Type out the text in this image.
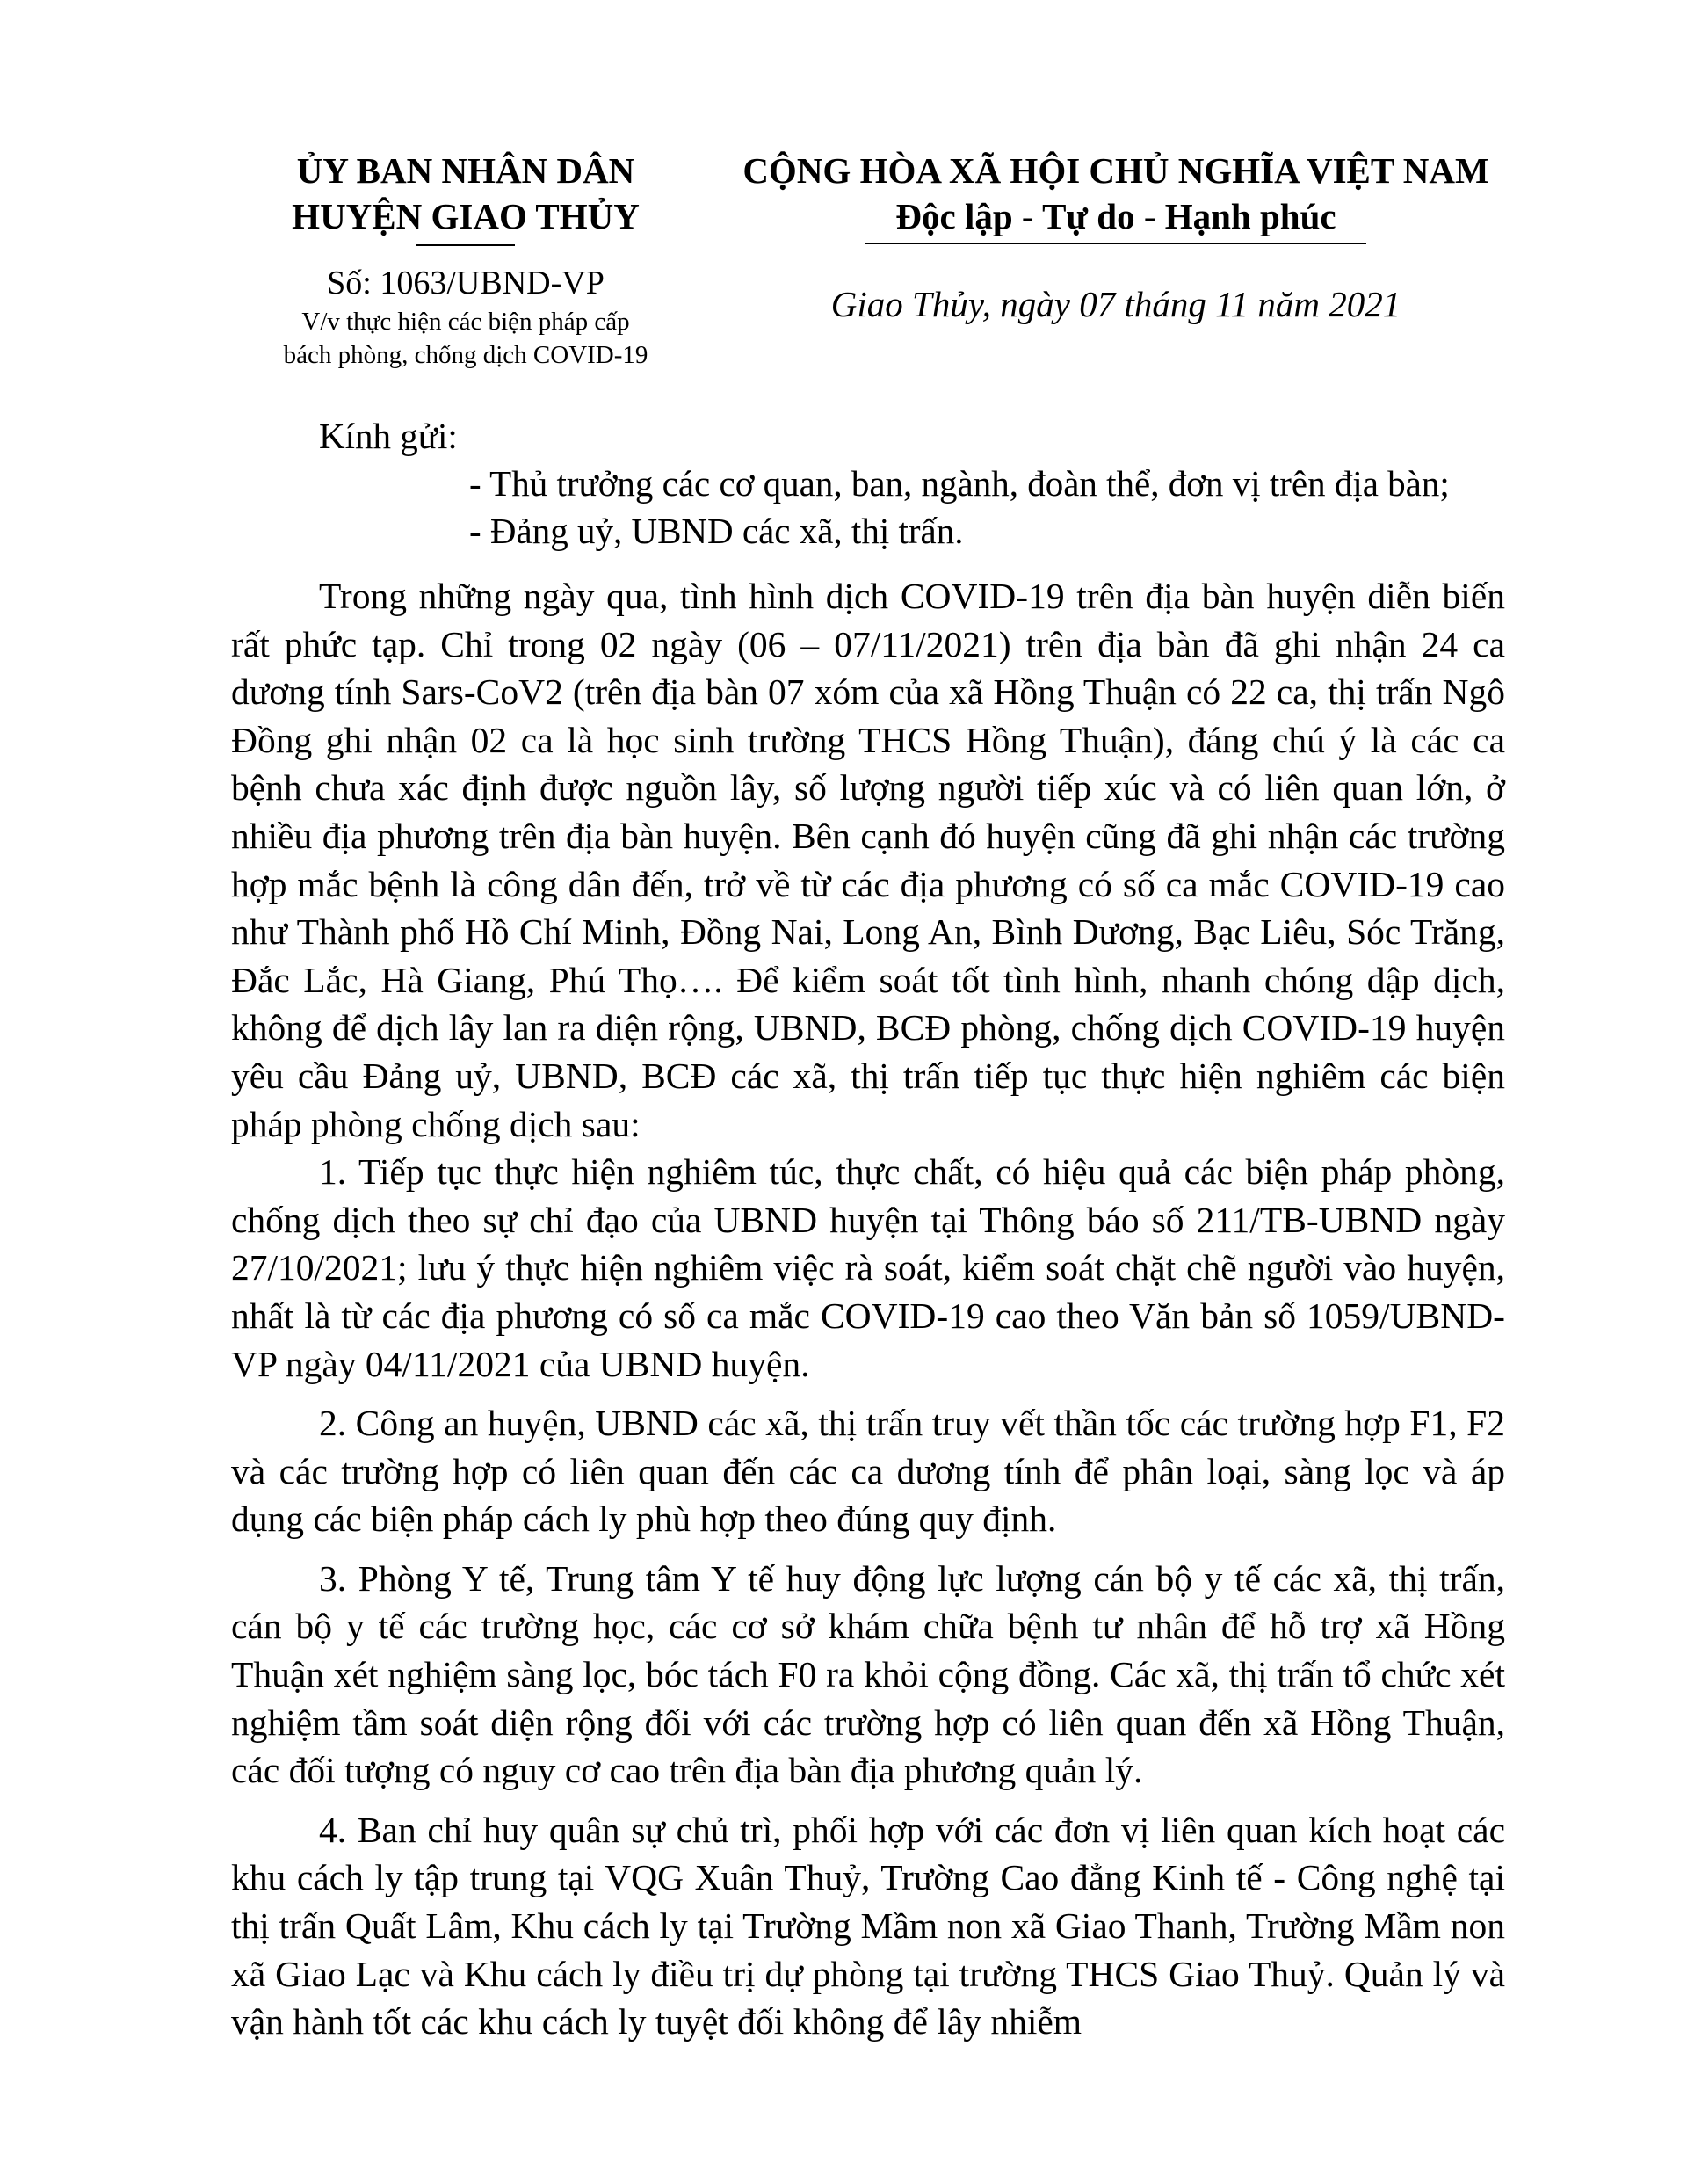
ỦY BAN NHÂN DÂN
HUYỆN GIAO THỦY
CỘNG HÒA XÃ HỘI CHỦ NGHĨA VIỆT NAM
Độc lập - Tự do - Hạnh phúc
Số: 1063/UBND-VP
V/v thực hiện các biện pháp cấp
bách phòng, chống dịch COVID-19
Giao Thủy, ngày 07 tháng 11 năm 2021
Kính gửi:
- Thủ trưởng các cơ quan, ban, ngành, đoàn thể, đơn vị trên địa bàn;
- Đảng uỷ, UBND các xã, thị trấn.

Trong những ngày qua, tình hình dịch COVID-19 trên địa bàn huyện diễn biến rất phức tạp. Chỉ trong 02 ngày (06 – 07/11/2021) trên địa bàn đã ghi nhận 24 ca dương tính Sars-CoV2 (trên địa bàn 07 xóm của xã Hồng Thuận có 22 ca, thị trấn Ngô Đồng ghi nhận 02 ca là học sinh trường THCS Hồng Thuận), đáng chú ý là các ca bệnh chưa xác định được nguồn lây, số lượng người tiếp xúc và có liên quan lớn, ở nhiều địa phương trên địa bàn huyện. Bên cạnh đó huyện cũng đã ghi nhận các trường hợp mắc bệnh là công dân đến, trở về từ các địa phương có số ca mắc COVID-19 cao như Thành phố Hồ Chí Minh, Đồng Nai, Long An, Bình Dương, Bạc Liêu, Sóc Trăng, Đắc Lắc, Hà Giang, Phú Thọ…. Để kiểm soát tốt tình hình, nhanh chóng dập dịch, không để dịch lây lan ra diện rộng, UBND, BCĐ phòng, chống dịch COVID-19 huyện yêu cầu Đảng uỷ, UBND, BCĐ các xã, thị trấn tiếp tục thực hiện nghiêm các biện pháp phòng chống dịch sau:

1. Tiếp tục thực hiện nghiêm túc, thực chất, có hiệu quả các biện pháp phòng, chống dịch theo sự chỉ đạo của UBND huyện tại Thông báo số 211/TB-UBND ngày 27/10/2021; lưu ý thực hiện nghiêm việc rà soát, kiểm soát chặt chẽ người vào huyện, nhất là từ các địa phương có số ca mắc COVID-19 cao theo Văn bản số 1059/UBND-VP ngày 04/11/2021 của UBND huyện.

2. Công an huyện, UBND các xã, thị trấn truy vết thần tốc các trường hợp F1, F2 và các trường hợp có liên quan đến các ca dương tính để phân loại, sàng lọc và áp dụng các biện pháp cách ly phù hợp theo đúng quy định.

3. Phòng Y tế, Trung tâm Y tế huy động lực lượng cán bộ y tế các xã, thị trấn, cán bộ y tế các trường học, các cơ sở khám chữa bệnh tư nhân để hỗ trợ xã Hồng Thuận xét nghiệm sàng lọc, bóc tách F0 ra khỏi cộng đồng. Các xã, thị trấn tổ chức xét nghiệm tầm soát diện rộng đối với các trường hợp có liên quan đến xã Hồng Thuận, các đối tượng có nguy cơ cao trên địa bàn địa phương quản lý.

4. Ban chỉ huy quân sự chủ trì, phối hợp với các đơn vị liên quan kích hoạt các khu cách ly tập trung tại VQG Xuân Thuỷ, Trường Cao đẳng Kinh tế - Công nghệ tại thị trấn Quất Lâm, Khu cách ly tại Trường Mầm non xã Giao Thanh, Trường Mầm non xã Giao Lạc và Khu cách ly điều trị dự phòng tại trường THCS Giao Thuỷ. Quản lý và vận hành tốt các khu cách ly tuyệt đối không để lây nhiễm
